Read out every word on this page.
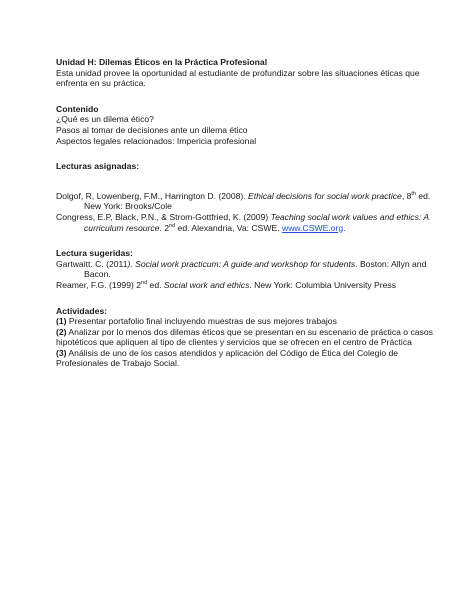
Unidad H: Dilemas Éticos en la Práctica Profesional

Esta unidad provee la oportunidad al estudiante de profundizar sobre las situaciones éticas que enfrenta en su práctica.

Contenido

¿Qué es un dilema ético?

Pasos al tomar de decisiones ante un dilema ético

Aspectos legales relacionados: Impericia profesional

Lecturas asignadas:

Dolgof, R, Lowenberg, F.M., Harrington D. (2008). Ethical decisions for social work practice, 8th ed. New York: Brooks/Cole

Congress, E.P, Black, P.N., & Strom-Gottfried, K. (2009) Teaching social work values and ethics: A curriculum resource. 2nd ed. Alexandria, Va: CSWE. www.CSWE.org.

Lectura sugeridas:

Gartwaitt. C. (2011). Social work practicum: A guide and workshop for students. Boston: Allyn and Bacon.

Reamer, F.G. (1999) 2nd ed. Social work and ethics. New York: Columbia University Press

Actividades:

(1) Presentar portafolio final incluyendo muestras de sus mejores trabajos

(2) Analizar por lo menos dos dilemas éticos que se presentan en su escenario de práctica o casos hipotéticos que apliquen al tipo de clientes y servicios que se ofrecen en el centro de Práctica

(3) Análisis de uno de los casos atendidos y aplicación del Código de Ética del Colegio de Profesionales de Trabajo Social.
